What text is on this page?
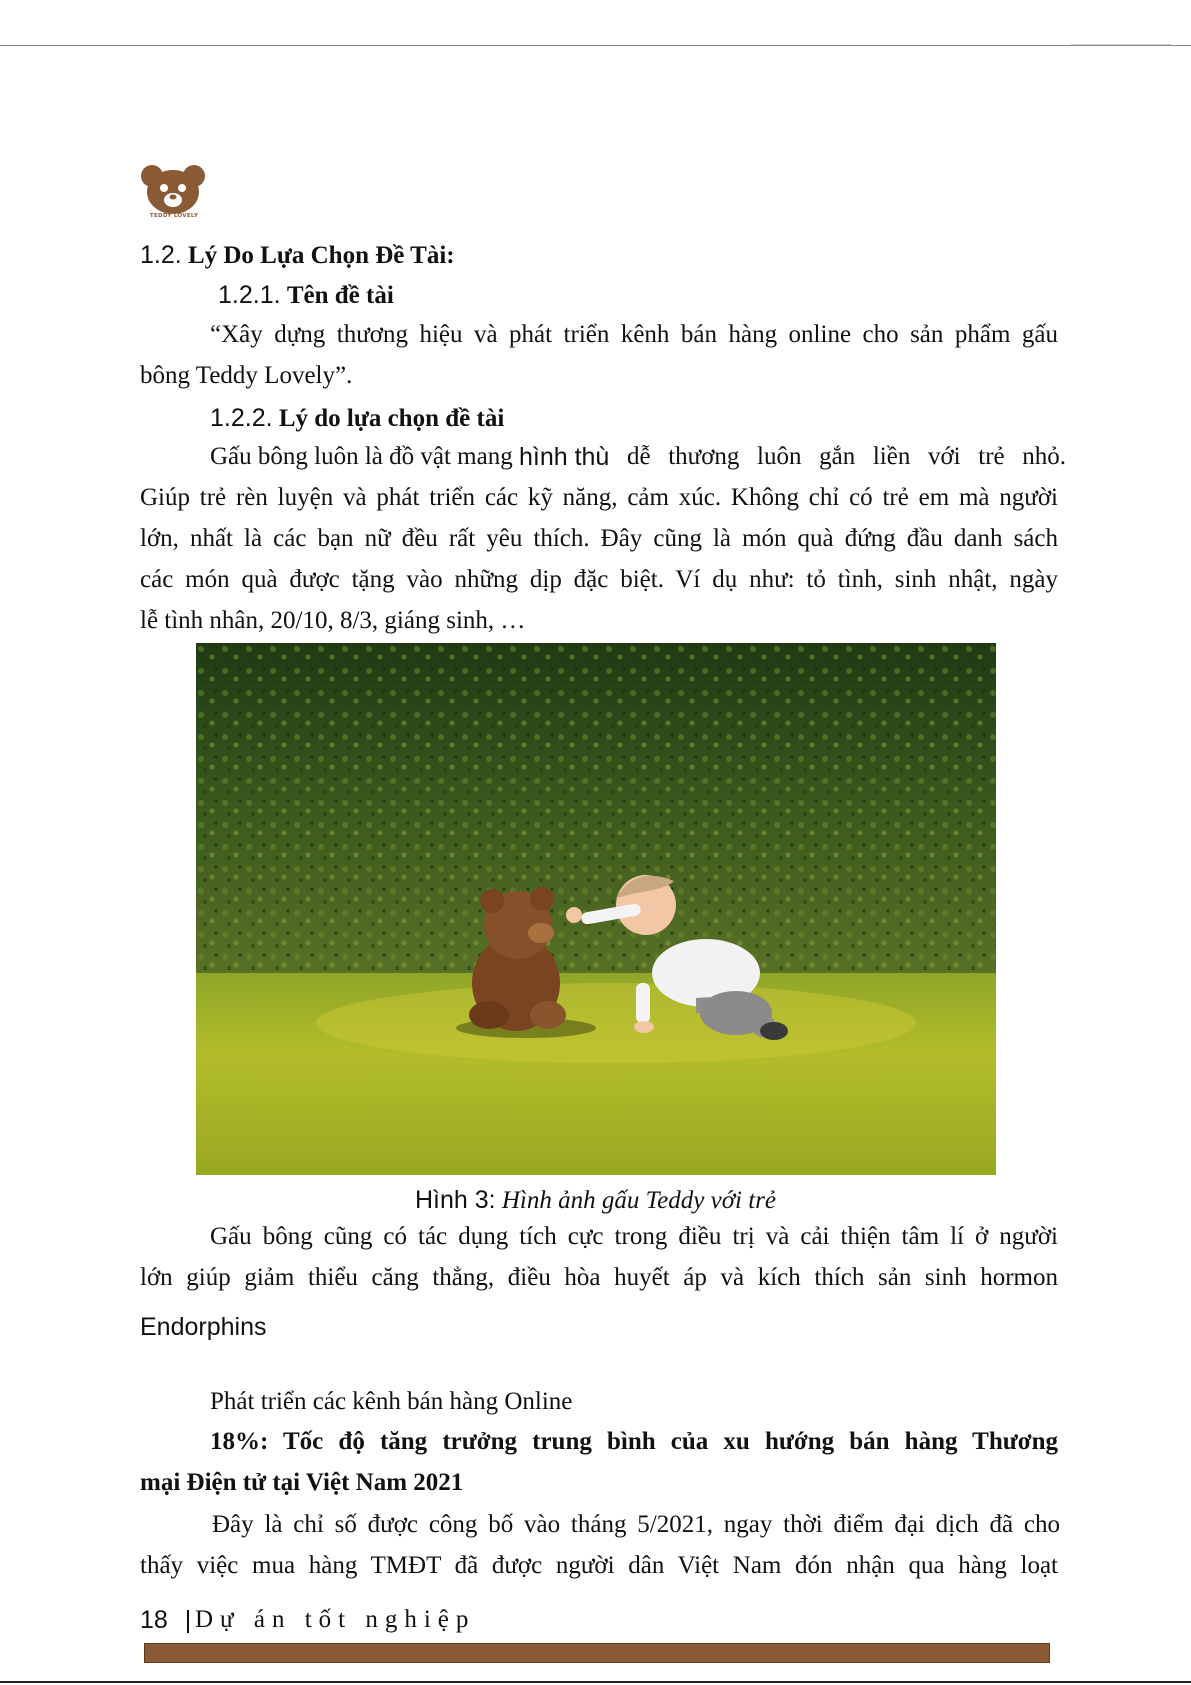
TEDDY LOVELY
1.2. Lý Do Lựa Chọn Đề Tài:
1.2.1. Tên đề tài
“Xây dựng thương hiệu và phát triển kênh bán hàng online cho sản phẩm gấu
bông Teddy Lovely”.
1.2.2. Lý do lựa chọn đề tài
Gấu bông luôn là đồ vật mang hình thù dễ thương luôn gắn liền với trẻ nhỏ.
Giúp trẻ rèn luyện và phát triển các kỹ năng, cảm xúc. Không chỉ có trẻ em mà người
lớn, nhất là các bạn nữ đều rất yêu thích. Đây cũng là món quà đứng đầu danh sách
các món quà được tặng vào những dịp đặc biệt. Ví dụ như: tỏ tình, sinh nhật, ngày
lễ tình nhân, 20/10, 8/3, giáng sinh, …
Hình 3: Hình ảnh gấu Teddy với trẻ
Gấu bông cũng có tác dụng tích cực trong điều trị và cải thiện tâm lí ở người
lớn giúp giảm thiểu căng thẳng, điều hòa huyết áp và kích thích sản sinh hormon
Endorphins
Phát triển các kênh bán hàng Online
18%: Tốc độ tăng trưởng trung bình của xu hướng bán hàng Thương
mại Điện tử tại Việt Nam 2021
Đây là chỉ số được công bố vào tháng 5/2021, ngay thời điểm đại dịch đã cho
thấy việc mua hàng TMĐT đã được người dân Việt Nam đón nhận qua hàng loạt
18 | Dự án tốt nghiệp
